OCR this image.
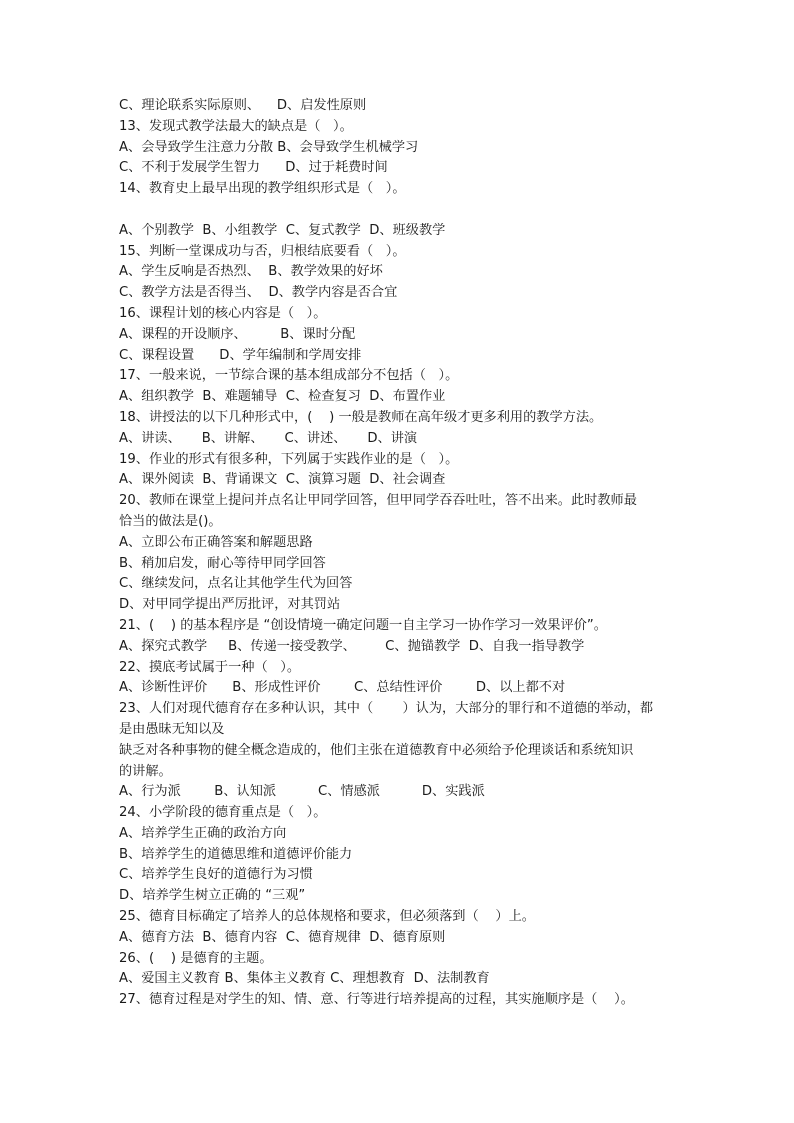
C、理论联系实际原则、    D、启发性原则
13、发现式教学法最大的缺点是（   ）。
A、会导致学生注意力分散 B、会导致学生机械学习
C、不利于发展学生智力      D、过于耗费时间
14、教育史上最早出现的教学组织形式是（   ）。
A、个别教学  B、小组教学  C、复式教学  D、班级教学
15、判断一堂课成功与否，归根结底要看（   ）。
A、学生反响是否热烈、  B、教学效果的好坏
C、教学方法是否得当、  D、教学内容是否合宜
16、课程计划的核心内容是（   ）。
A、课程的开设顺序、        B、课时分配
C、课程设置      D、学年编制和学周安排
17、一般来说，一节综合课的基本组成部分不包括（   ）。
A、组织教学  B、难题辅导  C、检查复习  D、布置作业
18、讲授法的以下几种形式中，(    ) 一般是教师在高年级才更多利用的教学方法。
A、讲读、     B、讲解、     C、讲述、     D、讲演
19、作业的形式有很多种，下列属于实践作业的是（   ）。
A、课外阅读  B、背诵课文  C、演算习题  D、社会调查
20、教师在课堂上提问并点名让甲同学回答，但甲同学吞吞吐吐，答不出来。此时教师最
恰当的做法是()。
A、立即公布正确答案和解题思路
B、稍加启发，耐心等待甲同学回答
C、继续发问，点名让其他学生代为回答
D、对甲同学提出严厉批评，对其罚站
21、(    ) 的基本程序是 “创设情境一确定问题一自主学习一协作学习一效果评价”。
A、探究式教学     B、传递一接受教学、       C、抛锚教学  D、自我一指导教学
22、摸底考试属于一种（   ）。
A、诊断性评价      B、形成性评价        C、总结性评价        D、以上都不对
23、人们对现代德育存在多种认识，其中（       ）认为，大部分的罪行和不道德的举动，都
是由愚昧无知以及
缺乏对各种事物的健全概念造成的，他们主张在道德教育中必须给予伦理谈话和系统知识
的讲解。
A、行为派        B、认知派          C、情感派          D、实践派
24、小学阶段的德育重点是（   ）。
A、培养学生正确的政治方向
B、培养学生的道德思维和道德评价能力
C、培养学生良好的道德行为习惯
D、培养学生树立正确的 “三观”
25、德育目标确定了培养人的总体规格和要求，但必须落到（    ）上。
A、德育方法  B、德育内容  C、德育规律  D、德育原则
26、(    ) 是德育的主题。
A、爱国主义教育 B、集体主义教育 C、理想教育  D、法制教育
27、德育过程是对学生的知、情、意、行等进行培养提高的过程，其实施顺序是（    ）。
